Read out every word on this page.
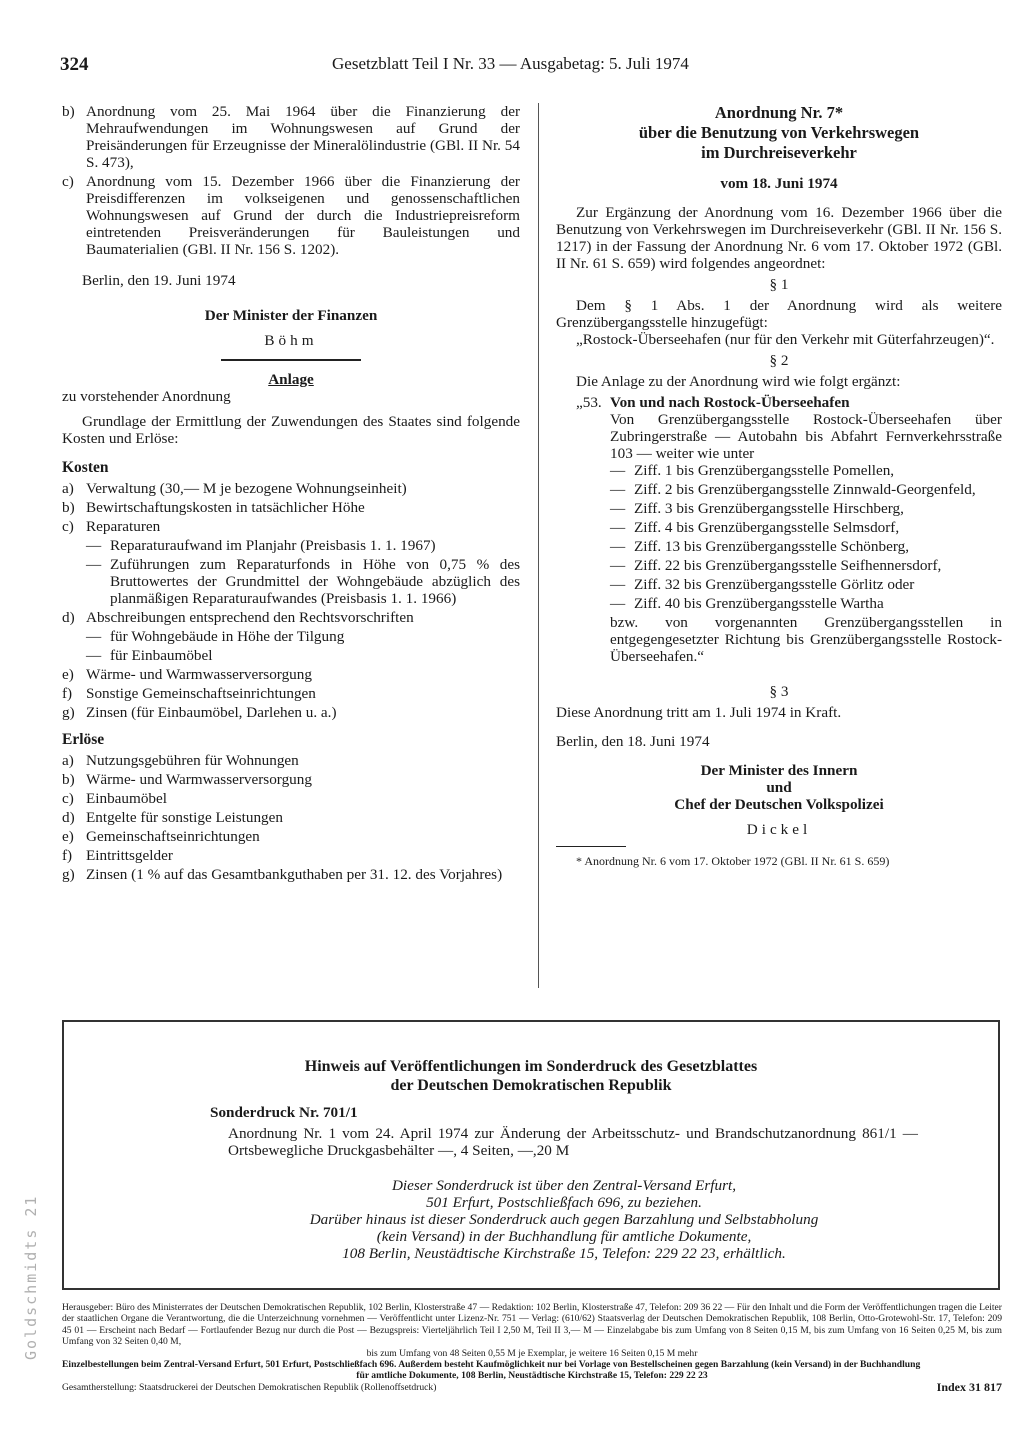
Goldschmidts 21
324	Gesetzblatt Teil I Nr. 33 — Ausgabetag: 5. Juli 1974
b) Anordnung vom 25. Mai 1964 über die Finanzierung der Mehraufwendungen im Wohnungswesen auf Grund der Preisänderungen für Erzeugnisse der Mineralölindustrie (GBl. II Nr. 54 S. 473),
c) Anordnung vom 15. Dezember 1966 über die Finanzierung der Preisdifferenzen im volkseigenen und genossenschaftlichen Wohnungswesen auf Grund der durch die Industriepreisreform eintretenden Preisveränderungen für Bauleistungen und Baumaterialien (GBl. II Nr. 156 S. 1202).

Berlin, den 19. Juni 1974

Der Minister der Finanzen

Böhm

Anlage

zu vorstehender Anordnung

Grundlage der Ermittlung der Zuwendungen des Staates sind folgende Kosten und Erlöse:

Kosten

a) Verwaltung (30,— M je bezogene Wohnungseinheit)
b) Bewirtschaftungskosten in tatsächlicher Höhe
c) Reparaturen
— Reparaturaufwand im Planjahr (Preisbasis 1. 1. 1967)
— Zuführungen zum Reparaturfonds in Höhe von 0,75 % des Bruttowertes der Grundmittel der Wohngebäude abzüglich des planmäßigen Reparaturaufwandes (Preisbasis 1. 1. 1966)
d) Abschreibungen entsprechend den Rechtsvorschriften
— für Wohngebäude in Höhe der Tilgung
— für Einbaumöbel
e) Wärme- und Warmwasserversorgung
f) Sonstige Gemeinschaftseinrichtungen
g) Zinsen (für Einbaumöbel, Darlehen u. a.)

Erlöse

a) Nutzungsgebühren für Wohnungen
b) Wärme- und Warmwasserversorgung
c) Einbaumöbel
d) Entgelte für sonstige Leistungen
e) Gemeinschaftseinrichtungen
f) Eintrittsgelder
g) Zinsen (1 % auf das Gesamtbankguthaben per 31. 12. des Vorjahres)

Anordnung Nr. 7*

über die Benutzung von Verkehrswegen

im Durchreiseverkehr

vom 18. Juni 1974

Zur Ergänzung der Anordnung vom 16. Dezember 1966 über die Benutzung von Verkehrswegen im Durchreiseverkehr (GBl. II Nr. 156 S. 1217) in der Fassung der Anordnung Nr. 6 vom 17. Oktober 1972 (GBl. II Nr. 61 S. 659) wird folgendes angeordnet:

§ 1

Dem § 1 Abs. 1 der Anordnung wird als weitere Grenzübergangsstelle hinzugefügt:

„Rostock-Überseehafen (nur für den Verkehr mit Güterfahrzeugen)“.

§ 2

Die Anlage zu der Anordnung wird wie folgt ergänzt:

„53. Von und nach Rostock-Überseehafen

Von Grenzübergangsstelle Rostock-Überseehafen über Zubringerstraße — Autobahn bis Abfahrt Fernverkehrsstraße 103 — weiter wie unter

— Ziff. 1 bis Grenzübergangsstelle Pomellen,
— Ziff. 2 bis Grenzübergangsstelle Zinnwald-Georgenfeld,
— Ziff. 3 bis Grenzübergangsstelle Hirschberg,
— Ziff. 4 bis Grenzübergangsstelle Selmsdorf,
— Ziff. 13 bis Grenzübergangsstelle Schönberg,
— Ziff. 22 bis Grenzübergangsstelle Seifhennersdorf,
— Ziff. 32 bis Grenzübergangsstelle Görlitz oder
— Ziff. 40 bis Grenzübergangsstelle Wartha

bzw. von vorgenannten Grenzübergangsstellen in entgegengesetzter Richtung bis Grenzübergangsstelle Rostock-Überseehafen.“

§ 3

Diese Anordnung tritt am 1. Juli 1974 in Kraft.

Berlin, den 18. Juni 1974

Der Minister des Innern

und

Chef der Deutschen Volkspolizei

Dickel

* Anordnung Nr. 6 vom 17. Oktober 1972 (GBl. II Nr. 61 S. 659)

Hinweis auf Veröffentlichungen im Sonderdruck des Gesetzblattes
der Deutschen Demokratischen Republik

Sonderdruck Nr. 701/1

Anordnung Nr. 1 vom 24. April 1974 zur Änderung der Arbeitsschutz- und Brandschutzanordnung 861/1 — Ortsbewegliche Druckgasbehälter —, 4 Seiten, —,20 M

Dieser Sonderdruck ist über den Zentral-Versand Erfurt,

501 Erfurt, Postschließfach 696, zu beziehen.

Darüber hinaus ist dieser Sonderdruck auch gegen Barzahlung und Selbstabholung

(kein Versand) in der Buchhandlung für amtliche Dokumente,

108 Berlin, Neustädtische Kirchstraße 15, Telefon: 229 22 23, erhältlich.

Herausgeber: Büro des Ministerrates der Deutschen Demokratischen Republik, 102 Berlin, Klosterstraße 47 — Redaktion: 102 Berlin, Klosterstraße 47, Telefon: 209 36 22 — Für den Inhalt und die Form der Veröffentlichungen tragen die Leiter der staatlichen Organe die Verantwortung, die die Unterzeichnung vornehmen — Veröffentlicht unter Lizenz-Nr. 751 — Verlag: (610/62) Staatsverlag der Deutschen Demokratischen Republik, 108 Berlin, Otto-Grotewohl-Str. 17, Telefon: 209 45 01 — Erscheint nach Bedarf — Fortlaufender Bezug nur durch die Post — Bezugspreis: Vierteljährlich Teil I 2,50 M, Teil II 3,— M — Einzelabgabe bis zum Umfang von 8 Seiten 0,15 M, bis zum Umfang von 16 Seiten 0,25 M, bis zum Umfang von 32 Seiten 0,40 M,

bis zum Umfang von 48 Seiten 0,55 M je Exemplar, je weitere 16 Seiten 0,15 M mehr

Einzelbestellungen beim Zentral-Versand Erfurt, 501 Erfurt, Postschließfach 696. Außerdem besteht Kaufmöglichkeit nur bei Vorlage von Bestellscheinen gegen Barzahlung (kein Versand) in der Buchhandlung

für amtliche Dokumente, 108 Berlin, Neustädtische Kirchstraße 15, Telefon: 229 22 23

Gesamtherstellung: Staatsdruckerei der Deutschen Demokratischen Republik (Rollenoffsetdruck)	Index 31 817
